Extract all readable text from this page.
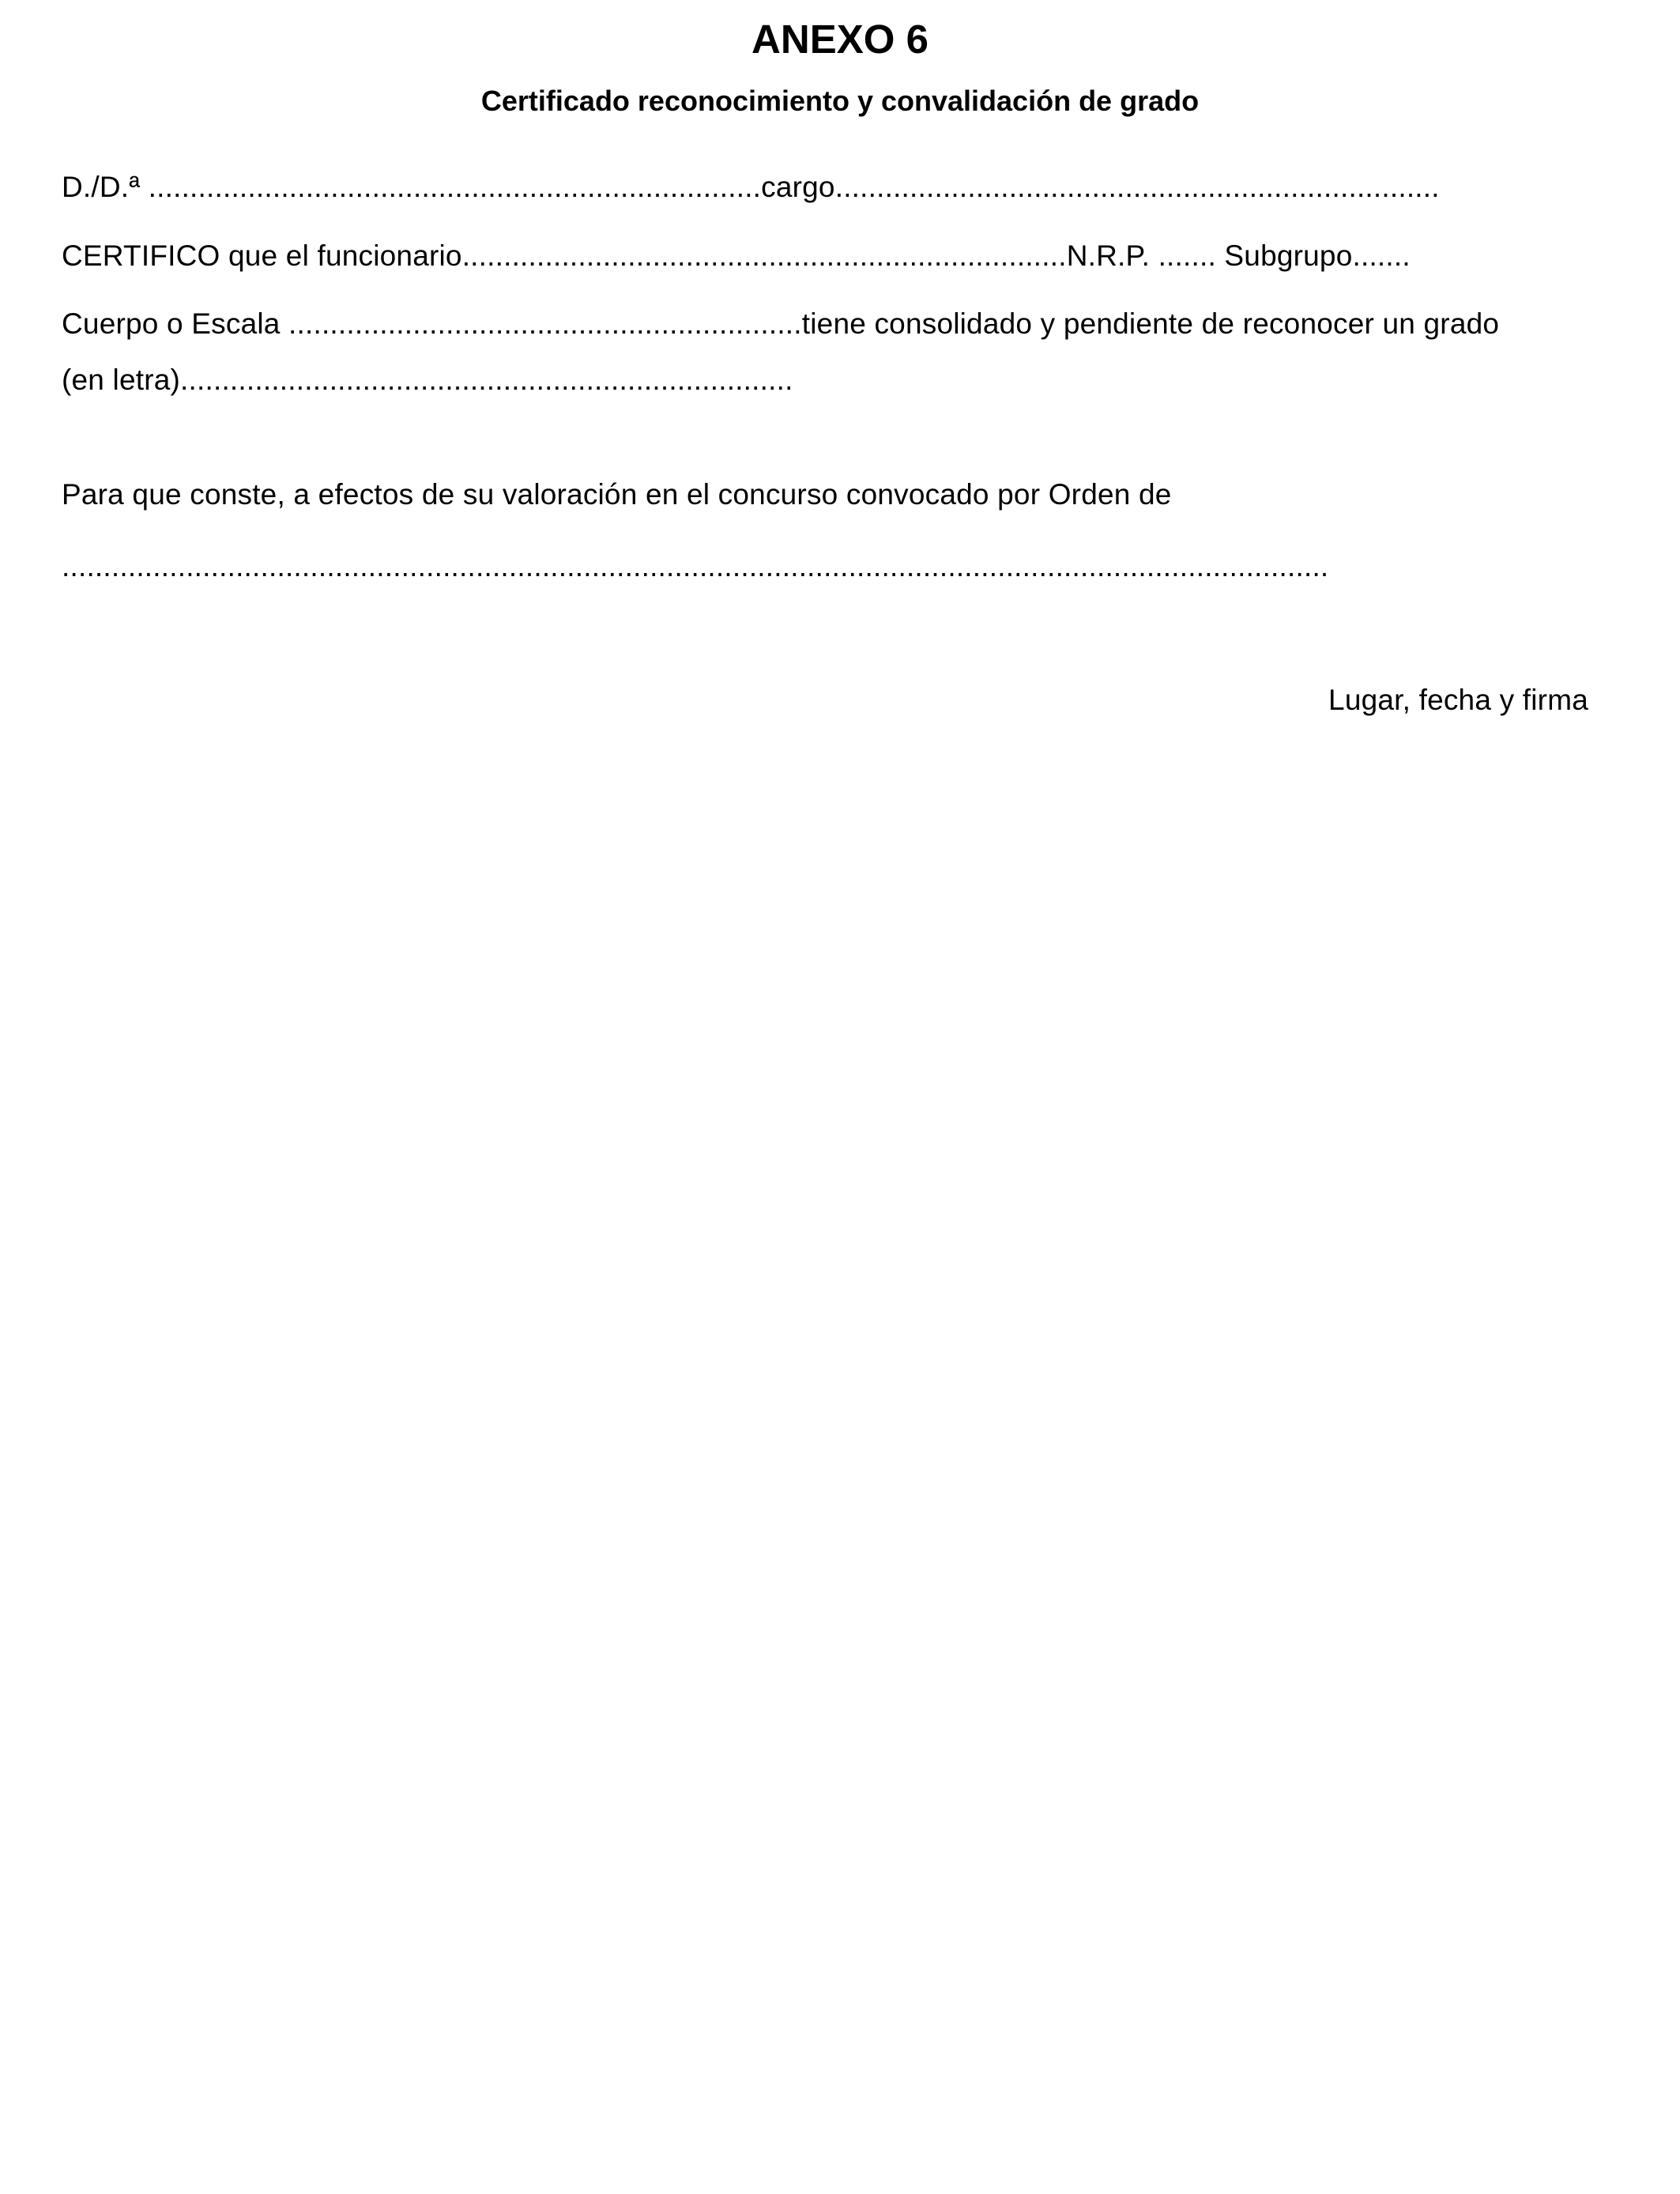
ANEXO 6
Certificado reconocimiento y convalidación de grado
D./D.ª ..........................................................................cargo.........................................................................
CERTIFICO que el funcionario.........................................................................N.R.P. ....... Subgrupo.......
Cuerpo o Escala ..............................................................tiene consolidado y pendiente de reconocer un grado
(en letra)..........................................................................
Para que conste, a efectos de su valoración en el concurso convocado por Orden de
.........................................................................................................................................................
Lugar, fecha y firma
